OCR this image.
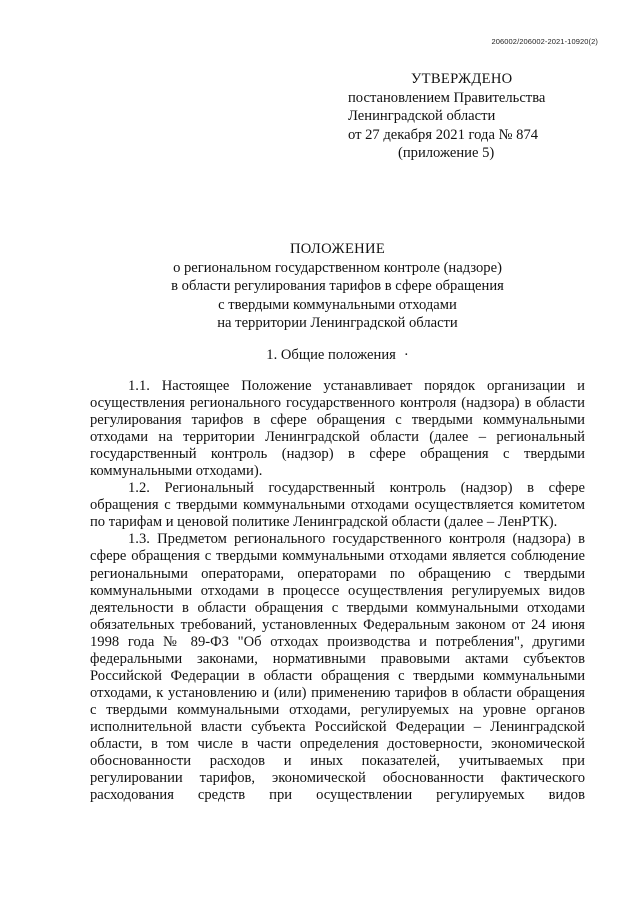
206002/206002-2021-10920(2)
УТВЕРЖДЕНО
постановлением Правительства
Ленинградской области
от 27 декабря 2021 года № 874
(приложение 5)
ПОЛОЖЕНИЕ
о региональном государственном контроле (надзоре)
в области регулирования тарифов в сфере обращения
с твердыми коммунальными отходами
на территории Ленинградской области
1. Общие положения ·

1.1. Настоящее Положение устанавливает порядок организации и осуществления регионального государственного контроля (надзора) в области регулирования тарифов в сфере обращения с твердыми коммунальными отходами на территории Ленинградской области (далее – региональный государственный контроль (надзор) в сфере обращения с твердыми коммунальными отходами).

1.2. Региональный государственный контроль (надзор) в сфере обращения с твердыми коммунальными отходами осуществляется комитетом по тарифам и ценовой политике Ленинградской области (далее – ЛенРТК).

1.3. Предметом регионального государственного контроля (надзора) в сфере обращения с твердыми коммунальными отходами является соблюдение региональными операторами, операторами по обращению с твердыми коммунальными отходами в процессе осуществления регулируемых видов деятельности в области обращения с твердыми коммунальными отходами обязательных требований, установленных Федеральным законом от 24 июня 1998 года № 89-ФЗ "Об отходах производства и потребления", другими федеральными законами, нормативными правовыми актами субъектов Российской Федерации в области обращения с твердыми коммунальными отходами, к установлению и (или) применению тарифов в области обращения с твердыми коммунальными отходами, регулируемых на уровне органов исполнительной власти субъекта Российской Федерации – Ленинградской области, в том числе в части определения достоверности, экономической обоснованности расходов и иных показателей, учитываемых при регулировании тарифов, экономической обоснованности фактического расходования средств при осуществлении регулируемых видов
